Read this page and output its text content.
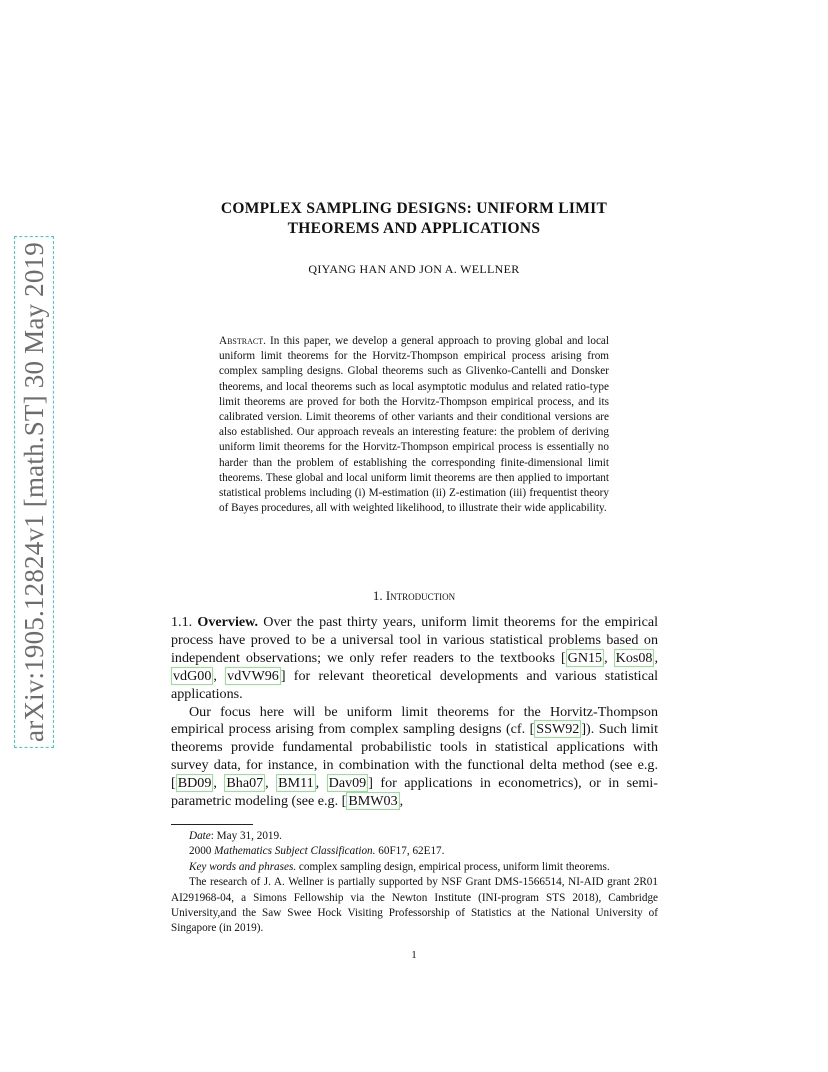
arXiv:1905.12824v1 [math.ST] 30 May 2019
COMPLEX SAMPLING DESIGNS: UNIFORM LIMIT
THEOREMS AND APPLICATIONS
QIYANG HAN AND JON A. WELLNER
Abstract. In this paper, we develop a general approach to proving global and local uniform limit theorems for the Horvitz-Thompson empirical process arising from complex sampling designs. Global theorems such as Glivenko-Cantelli and Donsker theorems, and local theorems such as local asymptotic modulus and related ratio-type limit theorems are proved for both the Horvitz-Thompson empirical process, and its calibrated version. Limit theorems of other variants and their conditional versions are also established. Our approach reveals an interesting feature: the problem of deriving uniform limit theorems for the Horvitz-Thompson empirical process is essentially no harder than the problem of establishing the corresponding finite-dimensional limit theorems. These global and local uniform limit theorems are then applied to important statistical problems including (i) M-estimation (ii) Z-estimation (iii) frequentist theory of Bayes procedures, all with weighted likelihood, to illustrate their wide applicability.
1. Introduction

1.1. Overview. Over the past thirty years, uniform limit theorems for the empirical process have proved to be a universal tool in various statistical problems based on independent observations; we only refer readers to the textbooks [ GN15 , Kos08 , vdG00 , vdVW96 ] for relevant theoretical developments and various statistical applications.

Our focus here will be uniform limit theorems for the Horvitz-Thompson empirical process arising from complex sampling designs (cf. [ SSW92 ]). Such limit theorems provide fundamental probabilistic tools in statistical applications with survey data, for instance, in combination with the functional delta method (see e.g. [ BD09 , Bha07 , BM11 , Dav09 ] for applications in econometrics), or in semi-parametric modeling (see e.g. [ BMW03 ,

Date: May 31, 2019.

2000 Mathematics Subject Classification. 60F17, 62E17.

Key words and phrases. complex sampling design, empirical process, uniform limit theorems.

The research of J. A. Wellner is partially supported by NSF Grant DMS-1566514, NI-AID grant 2R01 AI291968-04, a Simons Fellowship via the Newton Institute (INI-program STS 2018), Cambridge University,and the Saw Swee Hock Visiting Professorship of Statistics at the National University of Singapore (in 2019).

1
